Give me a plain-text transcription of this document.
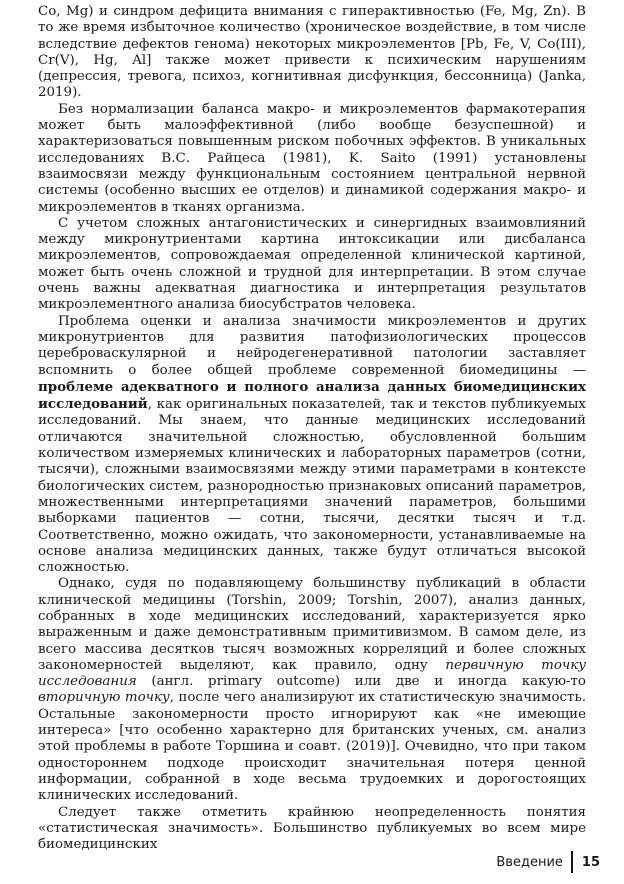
Co, Mg) и синдром дефицита внимания с гиперактивностью (Fe, Mg, Zn). В то же время избыточное количество (хроническое воздействие, в том числе вследствие дефектов генома) некоторых микроэлементов [Pb, Fe, V, Co(III), Cr(V), Hg, Al] также может привести к психическим нарушениям (депрессия, тревога, психоз, когнитивная дисфункция, бессонница) (Janka, 2019).

Без нормализации баланса макро- и микроэлементов фармакотерапия может быть малоэффективной (либо вообще безуспешной) и характеризоваться повышенным риском побочных эффектов. В уникальных исследованиях В.С. Райцеса (1981), K. Saito (1991) установлены взаимосвязи между функциональным состоянием центральной нервной системы (особенно высших ее отделов) и динамикой содержания макро- и микроэлементов в тканях организма.

С учетом сложных антагонистических и синергидных взаимовлияний между микронутриентами картина интоксикации или дисбаланса микроэлементов, сопровождаемая определенной клинической картиной, может быть очень сложной и трудной для интерпретации. В этом случае очень важны адекватная диагностика и интерпретация результатов микроэлементного анализа биосубстратов человека.

Проблема оценки и анализа значимости микроэлементов и других микронутриентов для развития патофизиологических процессов цереброваскулярной и нейродегенеративной патологии заставляет вспомнить о более общей проблеме современной биомедицины — проблеме адекватного и полного анализа данных биомедицинских исследований, как оригинальных показателей, так и текстов публикуемых исследований. Мы знаем, что данные медицинских исследований отличаются значительной сложностью, обусловленной большим количеством измеряемых клинических и лабораторных параметров (сотни, тысячи), сложными взаимосвязями между этими параметрами в контексте биологических систем, разнородностью признаковых описаний параметров, множественными интерпретациями значений параметров, большими выборками пациентов — сотни, тысячи, десятки тысяч и т.д. Соответственно, можно ожидать, что закономерности, устанавливаемые на основе анализа медицинских данных, также будут отличаться высокой сложностью.

Однако, судя по подавляющему большинству публикаций в области клинической медицины (Torshin, 2009; Torshin, 2007), анализ данных, собранных в ходе медицинских исследований, характеризуется ярко выраженным и даже демонстративным примитивизмом. В самом деле, из всего массива десятков тысяч возможных корреляций и более сложных закономерностей выделяют, как правило, одну первичную точку исследования (англ. primary outcome) или две и иногда какую-то вторичную точку, после чего анализируют их статистическую значимость. Остальные закономерности просто игнорируют как «не имеющие интереса» [что особенно характерно для британских ученых, см. анализ этой проблемы в работе Торшина и соавт. (2019)]. Очевидно, что при таком одностороннем подходе происходит значительная потеря ценной информации, собранной в ходе весьма трудоемких и дорогостоящих клинических исследований.

Следует также отметить крайнюю неопределенность понятия «статистическая значимость». Большинство публикуемых во всем мире биомедицинских

Введение 15
